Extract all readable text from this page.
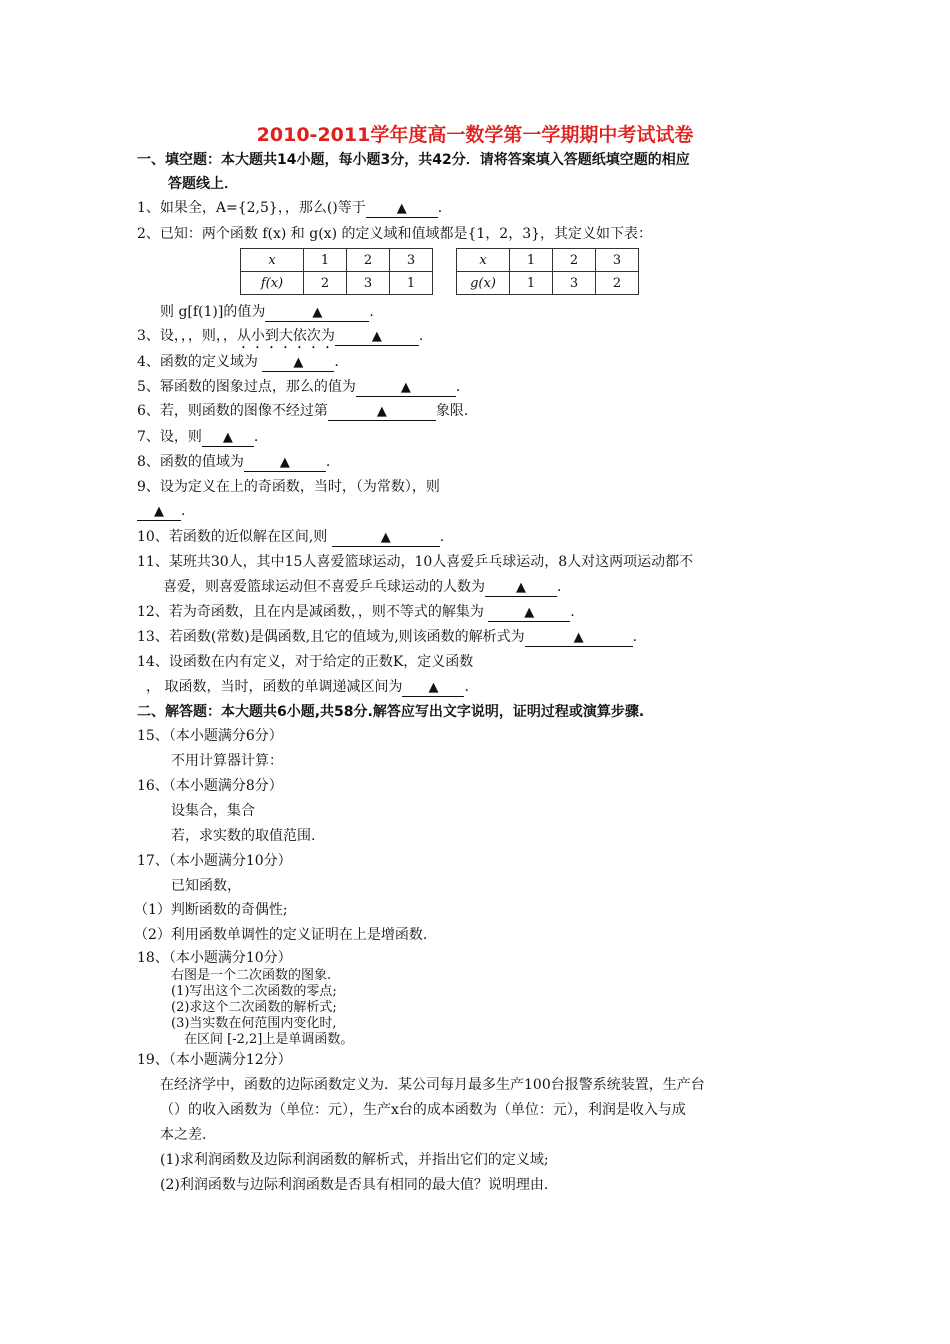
2010-2011学年度高一数学第一学期期中考试试卷
一、填空题：本大题共14小题，每小题3分，共42分．请将答案填入答题纸填空题的相应
答题线上．
1、如果全，A={2,5}，，那么()等于 ▲ .
2、已知：两个函数 f(x) 和 g(x) 的定义域和值域都是{1，2，3}，其定义如下表：
x	1	2	3
f(x)	2	3	1
x	1	2	3
g(x)	1	3	2
则 g[f(1)]的值为	▲	.
3、设，，，则，，从小到大依次为	▲	.
4、函数的定义域为	▲ .
5、幂函数的图象过点，那么的值为	▲	.
6、若，则函数的图像不经过第	▲	象限.
7、设，则 ▲ .
8、函数的值域为	▲	.
9、设为定义在上的奇函数，当时，（为常数），则
▲ .
10、若函数的近似解在区间,则	▲	.
11、某班共30人，其中15人喜爱篮球运动，10人喜爱乒乓球运动，8人对这两项运动都不
喜爱，则喜爱篮球运动但不喜爱乒乓球运动的人数为 ▲ .
12、若为奇函数，且在内是减函数，，则不等式的解集为	▲	.
13、若函数(常数)是偶函数,且它的值域为,则该函数的解析式为	▲	.
14、设函数在内有定义，对于给定的正数K，定义函数
， 取函数，当时，函数的单调递减区间为 ▲ .
二、解答题：本大题共6小题,共58分.解答应写出文字说明，证明过程或演算步骤.
15、（本小题满分6分）
不用计算器计算：
16、（本小题满分8分）
设集合，集合
若，求实数的取值范围.
17、（本小题满分10分）
已知函数，
（1）判断函数的奇偶性;
（2）利用函数单调性的定义证明在上是增函数.
18、（本小题满分10分）
右图是一个二次函数的图象.
(1)写出这个二次函数的零点;
(2)求这个二次函数的解析式;
(3)当实数在何范围内变化时,
在区间 [-2,2]上是单调函数。
19、（本小题满分12分）
在经济学中，函数的边际函数定义为．某公司每月最多生产100台报警系统装置，生产台
（）的收入函数为（单位：元），生产x台的成本函数为（单位：元），利润是收入与成
本之差.
(1)求利润函数及边际利润函数的解析式，并指出它们的定义域;
(2)利润函数与边际利润函数是否具有相同的最大值？说明理由.
